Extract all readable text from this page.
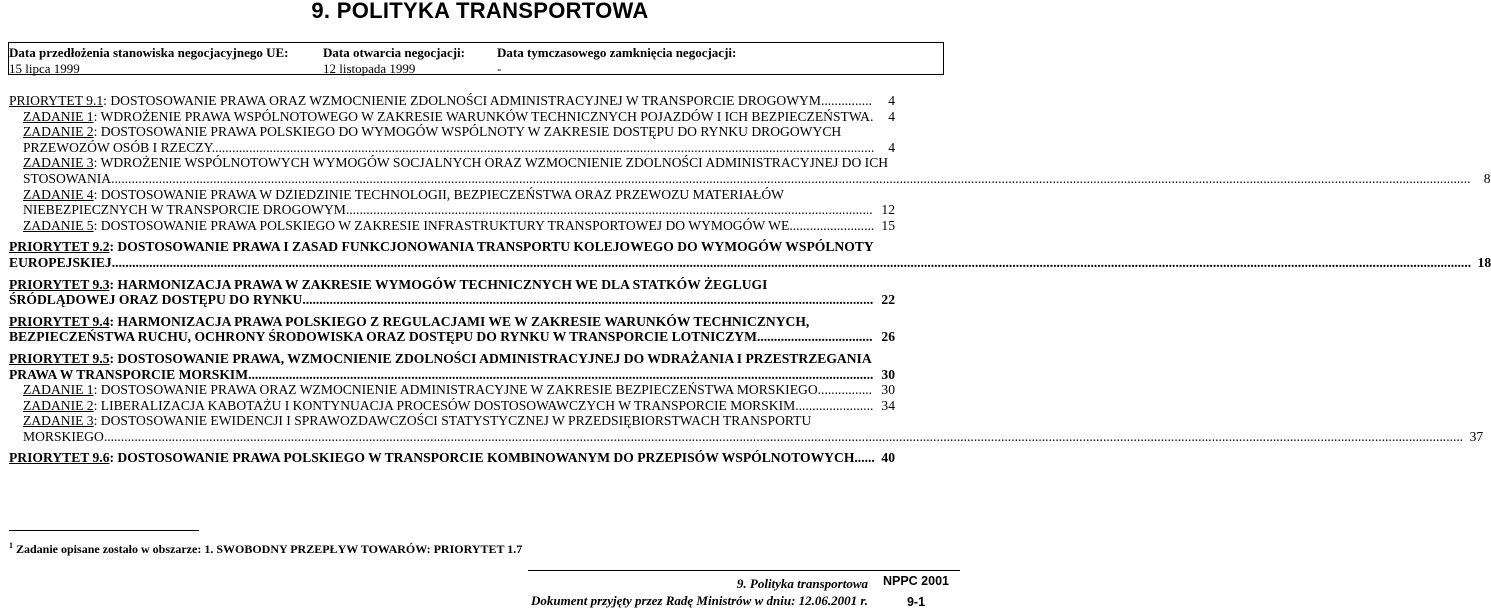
9. POLITYKA TRANSPORTOWA
Data przedłożenia stanowiska negocjacyjnego UE:
15 lipca 1999
Data otwarcia negocjacji:
12 listopada 1999
Data tymczasowego zamknięcia negocjacji:
-
PRIORYTET 9.1: DOSTOSOWANIE PRAWA ORAZ WZMOCNIENIE ZDOLNOŚCI ADMINISTRACYJNEJ W TRANSPORCIE DROGOWYM...............	4
ZADANIE 1: WDROŻENIE PRAWA WSPÓLNOTOWEGO W ZAKRESIE WARUNKÓW TECHNICZNYCH POJAZDÓW I ICH BEZPIECZEŃSTWA.	4
ZADANIE 2: DOSTOSOWANIE PRAWA POLSKIEGO DO WYMOGÓW WSPÓLNOTY W ZAKRESIE DOSTĘPU DO RYNKU DROGOWYCH PRZEWOZÓW OSÓB I RZECZY...................................................................................................................................................................................................	4
ZADANIE 3: WDROŻENIE WSPÓLNOTOWYCH WYMOGÓW SOCJALNYCH ORAZ WZMOCNIENIE ZDOLNOŚCI ADMINISTRACYJNEJ DO ICH STOSOWANIA................................................................................................................................................................................................................................................................................................................................................................................................................ 8
ZADANIE 4: DOSTOSOWANIE PRAWA W DZIEDZINIE TECHNOLOGII, BEZPIECZEŃSTWA ORAZ PRZEWOZU MATERIAŁÓW NIEBEZPIECZNYCH W TRANSPORCIE DROGOWYM........................................................................................................................................................... 12
ZADANIE 5: DOSTOSOWANIE PRAWA POLSKIEGO W ZAKRESIE INFRASTRUKTURY TRANSPORTOWEJ DO WYMOGÓW WE......................... 15
PRIORYTET 9.2: DOSTOSOWANIE PRAWA I ZASAD FUNKCJONOWANIA TRANSPORTU KOLEJOWEGO DO WYMOGÓW WSPÓLNOTY EUROPEJSKIEJ................................................................................................................................................................................................................................................................................................................................................................................................................ 18
PRIORYTET 9.3: HARMONIZACJA PRAWA W ZAKRESIE WYMOGÓW TECHNICZNYCH WE DLA STATKÓW ŻEGLUGI ŚRÓDLĄDOWEJ ORAZ DOSTĘPU DO RYNKU........................................................................................................................................................................ 22
PRIORYTET 9.4: HARMONIZACJA PRAWA POLSKIEGO Z REGULACJAMI WE W ZAKRESIE WARUNKÓW TECHNICZNYCH, BEZPIECZEŃSTWA RUCHU, OCHRONY ŚRODOWISKA ORAZ DOSTĘPU DO RYNKU W TRANSPORCIE LOTNICZYM.................................. 26
PRIORYTET 9.5: DOSTOSOWANIE PRAWA, WZMOCNIENIE ZDOLNOŚCI ADMINISTRACYJNEJ DO WDRAŻANIA I PRZESTRZEGANIA PRAWA W TRANSPORCIE MORSKIM........................................................................................................................................................................................ 30
ZADANIE 1: DOSTOSOWANIE PRAWA ORAZ WZMOCNIENIE ADMINISTRACYJNE W ZAKRESIE BEZPIECZEŃSTWA MORSKIEGO................ 30
ZADANIE 2: LIBERALIZACJA KABOTAŻU I KONTYNUACJA PROCESÓW DOSTOSOWAWCZYCH W TRANSPORCIE MORSKIM....................... 34
ZADANIE 3: DOSTOSOWANIE EWIDENCJI I SPRAWOZDAWCZOŚCI STATYSTYCZNEJ W PRZEDSIĘBIORSTWACH TRANSPORTU MORSKIEGO................................................................................................................................................................................................................................................................................................................................................................................................................ 37
PRIORYTET 9.6: DOSTOSOWANIE PRAWA POLSKIEGO W TRANSPORCIE KOMBINOWANYM DO PRZEPISÓW WSPÓLNOTOWYCH...... 40
$^1$ Zadanie opisane zostało w obszarze: 1. SWOBODNY PRZEPŁYW TOWARÓW: PRIORYTET 1.7
9. Polityka transportowa
Dokument przyjęty przez Radę Ministrów w dniu: 12.06.2001 r.
NPPC 2001
9-1
